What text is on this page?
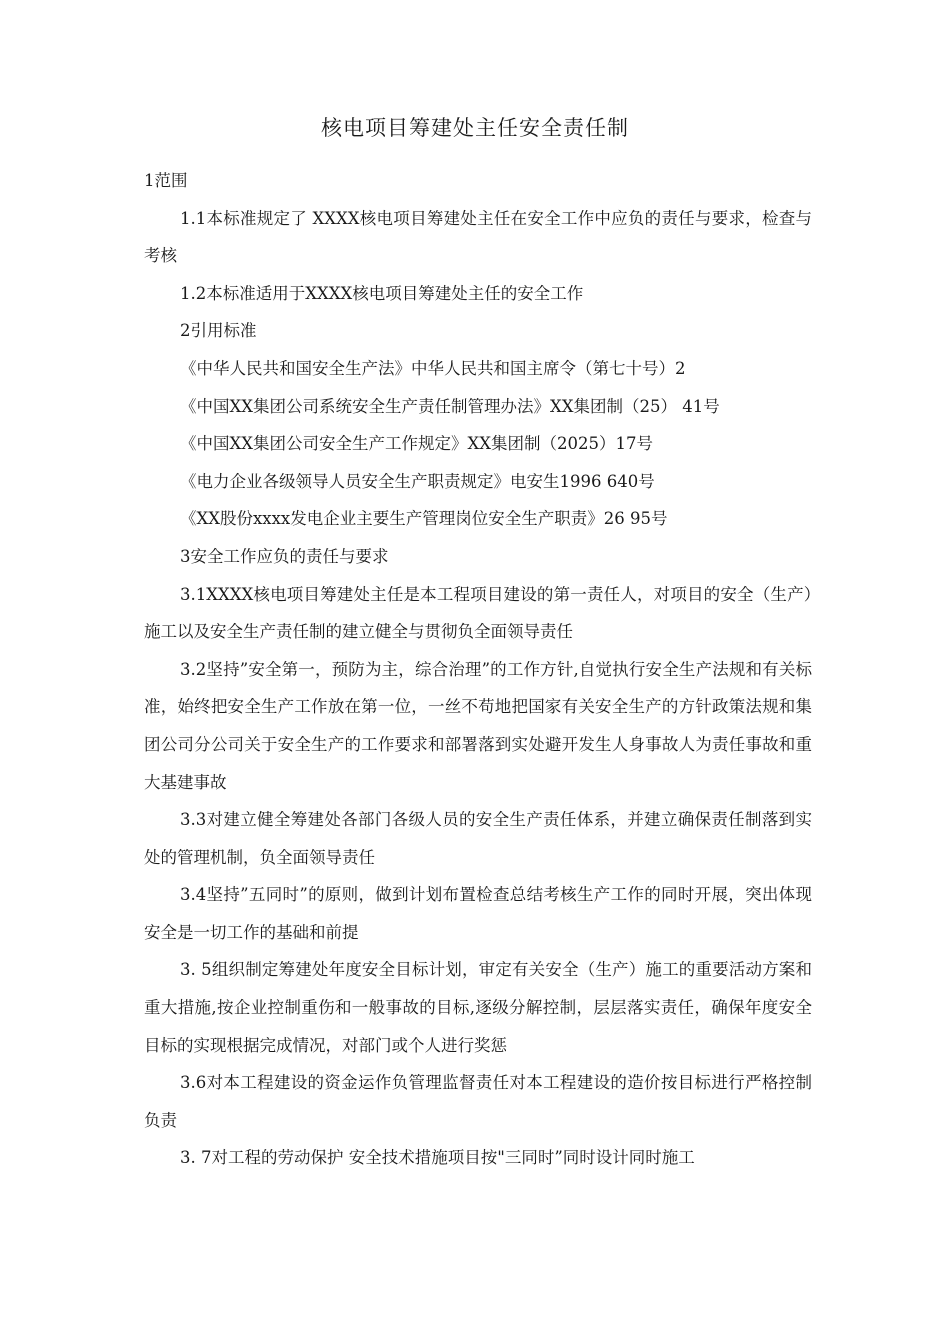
核电项目筹建处主任安全责任制

1范围

1.1本标准规定了 XXXX核电项目筹建处主任在安全工作中应负的责任与要求，检查与考核

1.2本标准适用于XXXX核电项目筹建处主任的安全工作

2引用标准

《中华人民共和国安全生产法》中华人民共和国主席令（第七十号）2

《中国XX集团公司系统安全生产责任制管理办法》XX集团制（25） 41号

《中国XX集团公司安全生产工作规定》XX集团制（2025）17号

《电力企业各级领导人员安全生产职责规定》电安生1996 640号

《XX股份xxxx发电企业主要生产管理岗位安全生产职责》26 95号

3安全工作应负的责任与要求

3.1XXXX核电项目筹建处主任是本工程项目建设的第一责任人，对项目的安全（生产）施工以及安全生产责任制的建立健全与贯彻负全面领导责任

3.2坚持”安全第一，预防为主，综合治理”的工作方针,自觉执行安全生产法规和有关标准，始终把安全生产工作放在第一位，一丝不苟地把国家有关安全生产的方针政策法规和集团公司分公司关于安全生产的工作要求和部署落到实处避开发生人身事故人为责任事故和重大基建事故

3.3对建立健全筹建处各部门各级人员的安全生产责任体系，并建立确保责任制落到实处的管理机制，负全面领导责任

3.4坚持”五同时”的原则，做到计划布置检查总结考核生产工作的同时开展，突出体现安全是一切工作的基础和前提

3. 5组织制定筹建处年度安全目标计划，审定有关安全（生产）施工的重要活动方案和重大措施,按企业控制重伤和一般事故的目标,逐级分解控制，层层落实责任，确保年度安全目标的实现根据完成情况，对部门或个人进行奖惩

3.6对本工程建设的资金运作负管理监督责任对本工程建设的造价按目标进行严格控制负责

3. 7对工程的劳动保护 安全技术措施项目按"三同时”同时设计同时施工
